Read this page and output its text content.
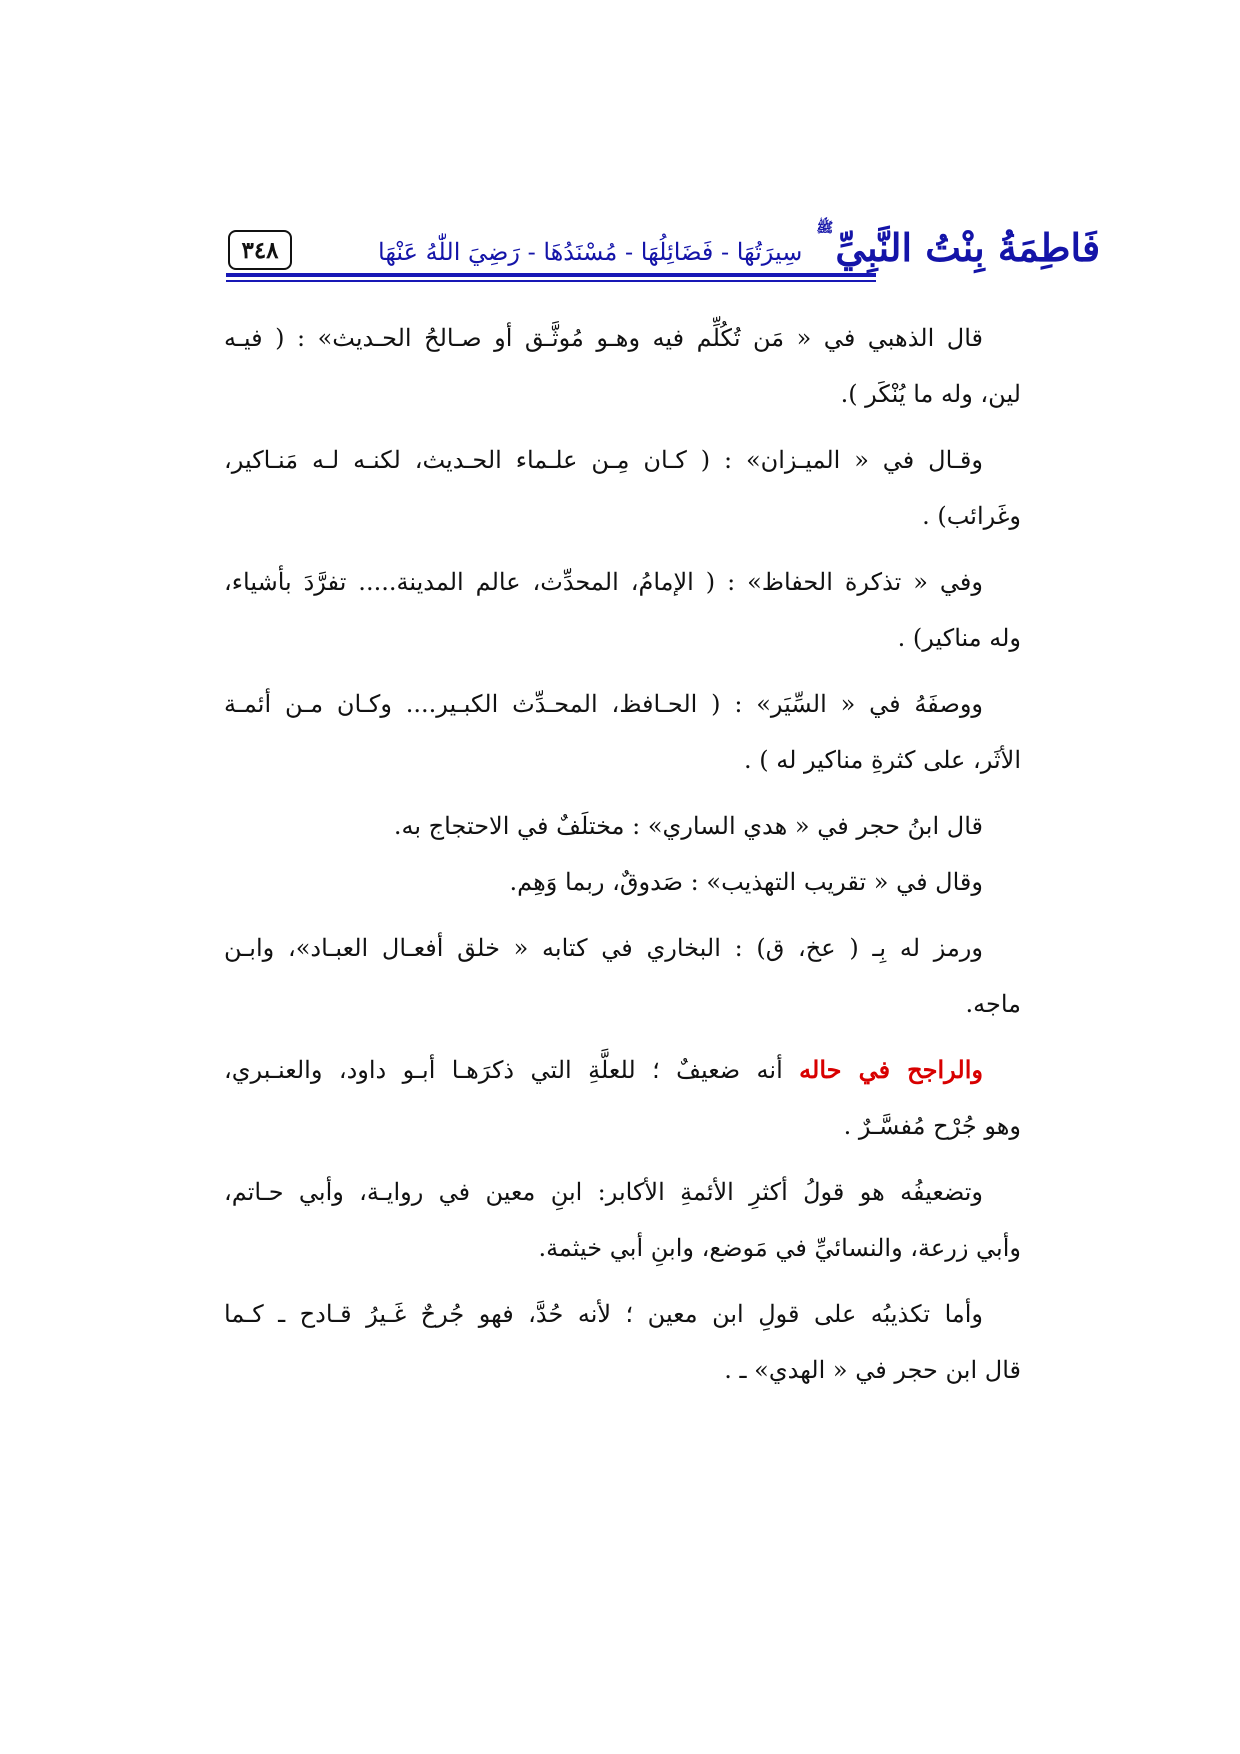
٣٤٨	فَاطِمَةُ بِنْتُ النَّبِيِّ
ﷺ
سِيرَتُهَا - فَضَائِلُهَا - مُسْنَدُهَا - رَضِيَ اللّٰهُ عَنْهَا
قال الذهبي في « مَن تُكُلِّم فيه وهـو مُوثَّـق أو صـالحُ الحـديث» : ( فيـه
لين، وله ما يُنْكَر ).
وقـال في « الميـزان» : ( كـان مِـن علـماء الحـديث، لكنـه لـه مَنـاكير،
وغَرائب) .
وفي « تذكرة الحفاظ» : ( الإمامُ، المحدِّث، عالم المدينة..... تفرَّدَ بأشياء،
وله مناكير) .
ووصفَهُ في « السِّيَر» : ( الحـافظ، المحـدِّث الكبـير.... وكـان مـن أئمـة
الأثَر، على كثرةِ مناكير له ) .
قال ابنُ حجر في « هدي الساري» : مختلَفٌ في الاحتجاج به.
وقال في « تقريب التهذيب» : صَدوقٌ، ربما وَهِم.
ورمز له بِـ ( عخ، ق) : البخاري في كتابه « خلق أفعـال العبـاد»، وابـن
ماجه.
والراجح في حاله أنه ضعيفٌ ؛ للعلَّةِ التي ذكرَهـا أبـو داود، والعنـبري،
وهو جُرْح مُفسَّـرٌ .
وتضعيفُه هو قولُ أكثرِ الأئمةِ الأكابر: ابنِ معين في روايـة، وأبي حـاتم،
وأبي زرعة، والنسائيِّ في مَوضع، وابنِ أبي خيثمة.
وأما تكذيبُه على قولِ ابن معين ؛ لأنه حُدَّ، فهو جُرحٌ غَـيرُ قـادح ـ كـما
قال ابن حجر في « الهدي» ـ .
